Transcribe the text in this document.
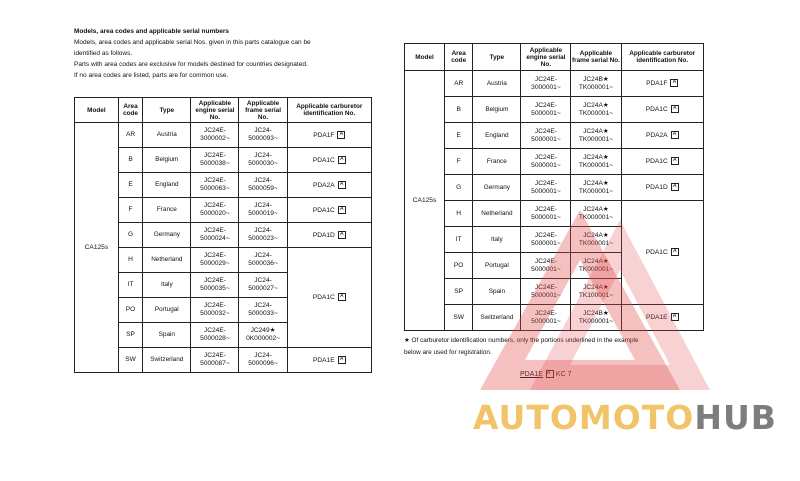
Models, area codes and applicable serial numbers
Models, area codes and applicable serial Nos. given in this parts catalogue can be
identified as follows.
Parts with area codes are exclusive for models destined for countries designated.
If no area codes are listed, parts are for common use.
Model	Area code	Type	Applicable engine serial No.	Applicable frame serial No.	Applicable carburetor identification No.
CA125s	AR	Austria	JC24E-
3000002~	JC24-
5000093~	PDA1F A
	B	Belgium	JC24E-
5000038~	JC24-
5000030~	PDA1C A
	E	England	JC24E-
5000063~	JC24-
5000059~	PDA2A A
	F	France	JC24E-
5000020~	JC24-
5000019~	PDA1C A
	G	Germany	JC24E-
5000024~	JC24-
5000023~	PDA1D A
	H	Netherland	JC24E-
5000029~	JC24-
5000036~	PDA1C A
	IT	Italy	JC24E-
5000035~	JC24-
5000027~	
	PO	Portugal	JC24E-
5000032~	JC24-
5000033~	
	SP	Spain	JC24E-
5000028~	JC249★
0K000002~	
	SW	Switzerland	JC24E-
5000087~	JC24-
5000096~	PDA1E A
Model	Area code	Type	Applicable engine serial No.	Applicable frame serial No.	Applicable carburetor identification No.
CA125s	AR	Austria	JC24E-
3000001~	JC24B★
TK000001~	PDA1F A
	B	Belgium	JC24E-
5000001~	JC24A★
TK000001~	PDA1C A
	E	England	JC24E-
5000001~	JC24A★
TK000001~	PDA2A A
	F	France	JC24E-
5000001~	JC24A★
TK000001~	PDA1C A
	G	Germany	JC24E-
5000001~	JC24A★
TK000001~	PDA1D A
	H	Netherland	JC24E-
5000001~	JC24A★
TK000001~	PDA1C A
	IT	Italy	JC24E-
5000001~	JC24A★
TK000001~	
	PO	Portugal	JC24E-
5000001~	JC24A★
TK000001~	
	SP	Spain	JC24E-
5000001~	JC24A★
TK100001~	
	SW	Switzerland	JC24E-
5000001~	JC24B★
TK000001~	PDA1E A
★ Of carburetor identification numbers, only the portions underlined in the example
below are used for registration.
PDA1E A KC 7
AUTOMOTOHUB
